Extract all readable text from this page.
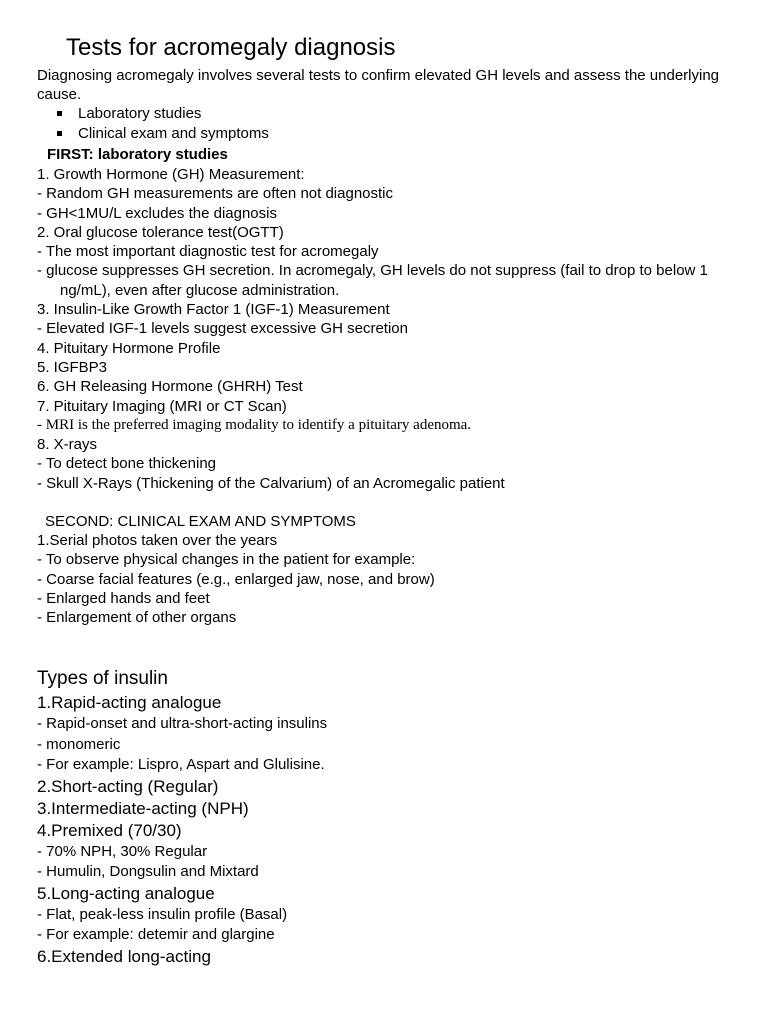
Tests for acromegaly diagnosis
Diagnosing acromegaly involves several tests to confirm elevated GH levels and assess the underlying cause.
Laboratory studies
Clinical exam and symptoms
FIRST: laboratory studies
1. Growth Hormone (GH) Measurement:
- Random GH measurements are often not diagnostic
- GH<1MU/L excludes the diagnosis
2. Oral glucose tolerance test(OGTT)
- The most important diagnostic test for acromegaly
- glucose suppresses GH secretion. In acromegaly, GH levels do not suppress (fail to drop to below 1 ng/mL), even after glucose administration.
3. Insulin-Like Growth Factor 1 (IGF-1) Measurement
- Elevated IGF-1 levels suggest excessive GH secretion
4. Pituitary Hormone Profile
5. IGFBP3
6. GH Releasing Hormone (GHRH) Test
7. Pituitary Imaging (MRI or CT Scan)
- MRI is the preferred imaging modality to identify a pituitary adenoma.
8. X-rays
- To detect bone thickening
- Skull X-Rays (Thickening of the Calvarium) of an Acromegalic patient
SECOND: CLINICAL EXAM AND SYMPTOMS
1.Serial photos taken over the years
- To observe physical changes in the patient for example:
- Coarse facial features (e.g., enlarged jaw, nose, and brow)
- Enlarged hands and feet
- Enlargement of other organs
Types of insulin
1.Rapid-acting analogue
- Rapid-onset and ultra-short-acting insulins
- monomeric
- For example: Lispro, Aspart and Glulisine.
2.Short-acting (Regular)
3.Intermediate-acting (NPH)
4.Premixed (70/30)
- 70% NPH, 30% Regular
- Humulin, Dongsulin and Mixtard
5.Long-acting analogue
- Flat, peak-less insulin profile (Basal)
- For example: detemir and glargine
6.Extended long-acting
